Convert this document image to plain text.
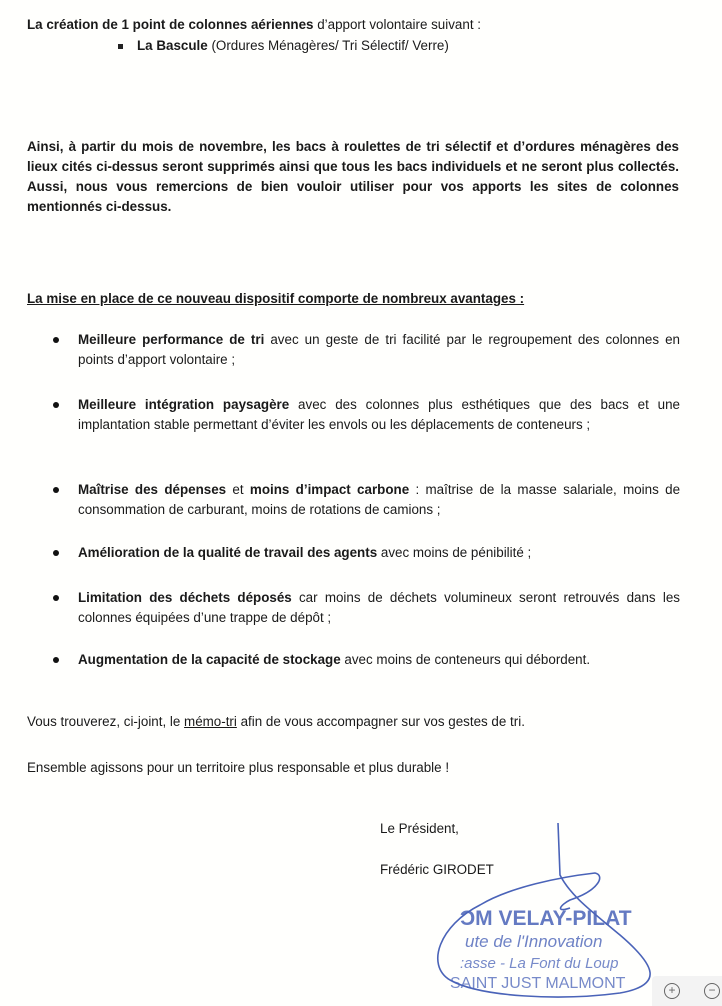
La création de 1 point de colonnes aériennes d’apport volontaire suivant :
La Bascule (Ordures Ménagères/ Tri Sélectif/ Verre)
Ainsi, à partir du mois de novembre, les bacs à roulettes de tri sélectif et d’ordures ménagères des lieux cités ci-dessus seront supprimés ainsi que tous les bacs individuels et ne seront plus collectés. Aussi, nous vous remercions de bien vouloir utiliser pour vos apports les sites de colonnes mentionnés ci-dessus.
La mise en place de ce nouveau dispositif comporte de nombreux avantages :
Meilleure performance de tri avec un geste de tri facilité par le regroupement des colonnes en points d’apport volontaire ;
Meilleure intégration paysagère avec des colonnes plus esthétiques que des bacs et une implantation stable permettant d’éviter les envols ou les déplacements de conteneurs ;
Maîtrise des dépenses et moins d’impact carbone : maîtrise de la masse salariale, moins de consommation de carburant, moins de rotations de camions ;
Amélioration de la qualité de travail des agents avec moins de pénibilité ;
Limitation des déchets déposés car moins de déchets volumineux seront retrouvés dans les colonnes équipées d’une trappe de dépôt ;
Augmentation de la capacité de stockage avec moins de conteneurs qui débordent.
Vous trouverez, ci-joint, le mémo-tri afin de vous accompagner sur vos gestes de tri.
Ensemble agissons pour un territoire plus responsable et plus durable !
Le Président,
Frédéric GIRODET
ƆM VELAY-PILAT
ute de l'Innovation
:asse - La Font du Loup
SAINT JUST MALMONT	+	−
